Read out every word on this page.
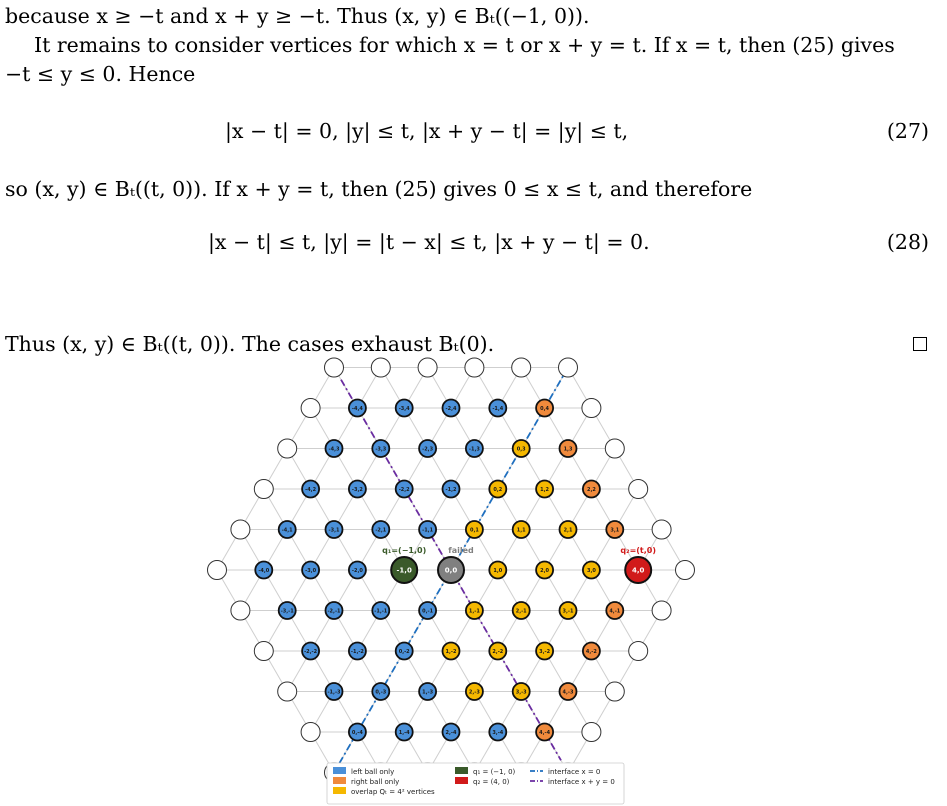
because x ≥ −t and x + y ≥ −t. Thus (x, y) ∈ Bₜ((−1, 0)).
It remains to consider vertices for which x = t or x + y = t. If x = t, then (25) gives
−t ≤ y ≤ 0. Hence
|x − t| = 0, |y| ≤ t, |x + y − t| = |y| ≤ t,	(27)
so (x, y) ∈ Bₜ((t, 0)). If x + y = t, then (25) gives 0 ≤ x ≤ t, and therefore
|x − t| ≤ t, |y| = |t − x| ≤ t, |x + y − t| = 0.	(28)
Thus (x, y) ∈ Bₜ((t, 0)). The cases exhaust Bₜ(0).
-4,4	-3,4	-2,4	-1,4	0,4
-4,3	-3,3	-2,3	-1,3	0,3	1,3
-4,2	-3,2	-2,2	-1,2	0,2	1,2	2,2
-4,1	-3,1	-2,1	-1,1	0,1	1,1	2,1	3,1
-4,0	-3,0	-2,0	-1,0	0,0	1,0	2,0	3,0	4,0
-3,-1	-2,-1	-1,-1	0,-1	1,-1	2,-1	3,-1	4,-1
-2,-2	-1,-2	0,-2	1,-2	2,-2	3,-2	4,-2
-1,-3	0,-3	1,-3	2,-3	3,-3	4,-3
0,-4	1,-4	2,-4	3,-4	4,-4
q₁=(−1,0)	q₂=(t,0)
failed
left ball only
right ball only
overlap Qₜ = 4² vertices
q₁ = (−1, 0)
q₂ = (4, 0)
interface x = 0
interface x + y = 0
